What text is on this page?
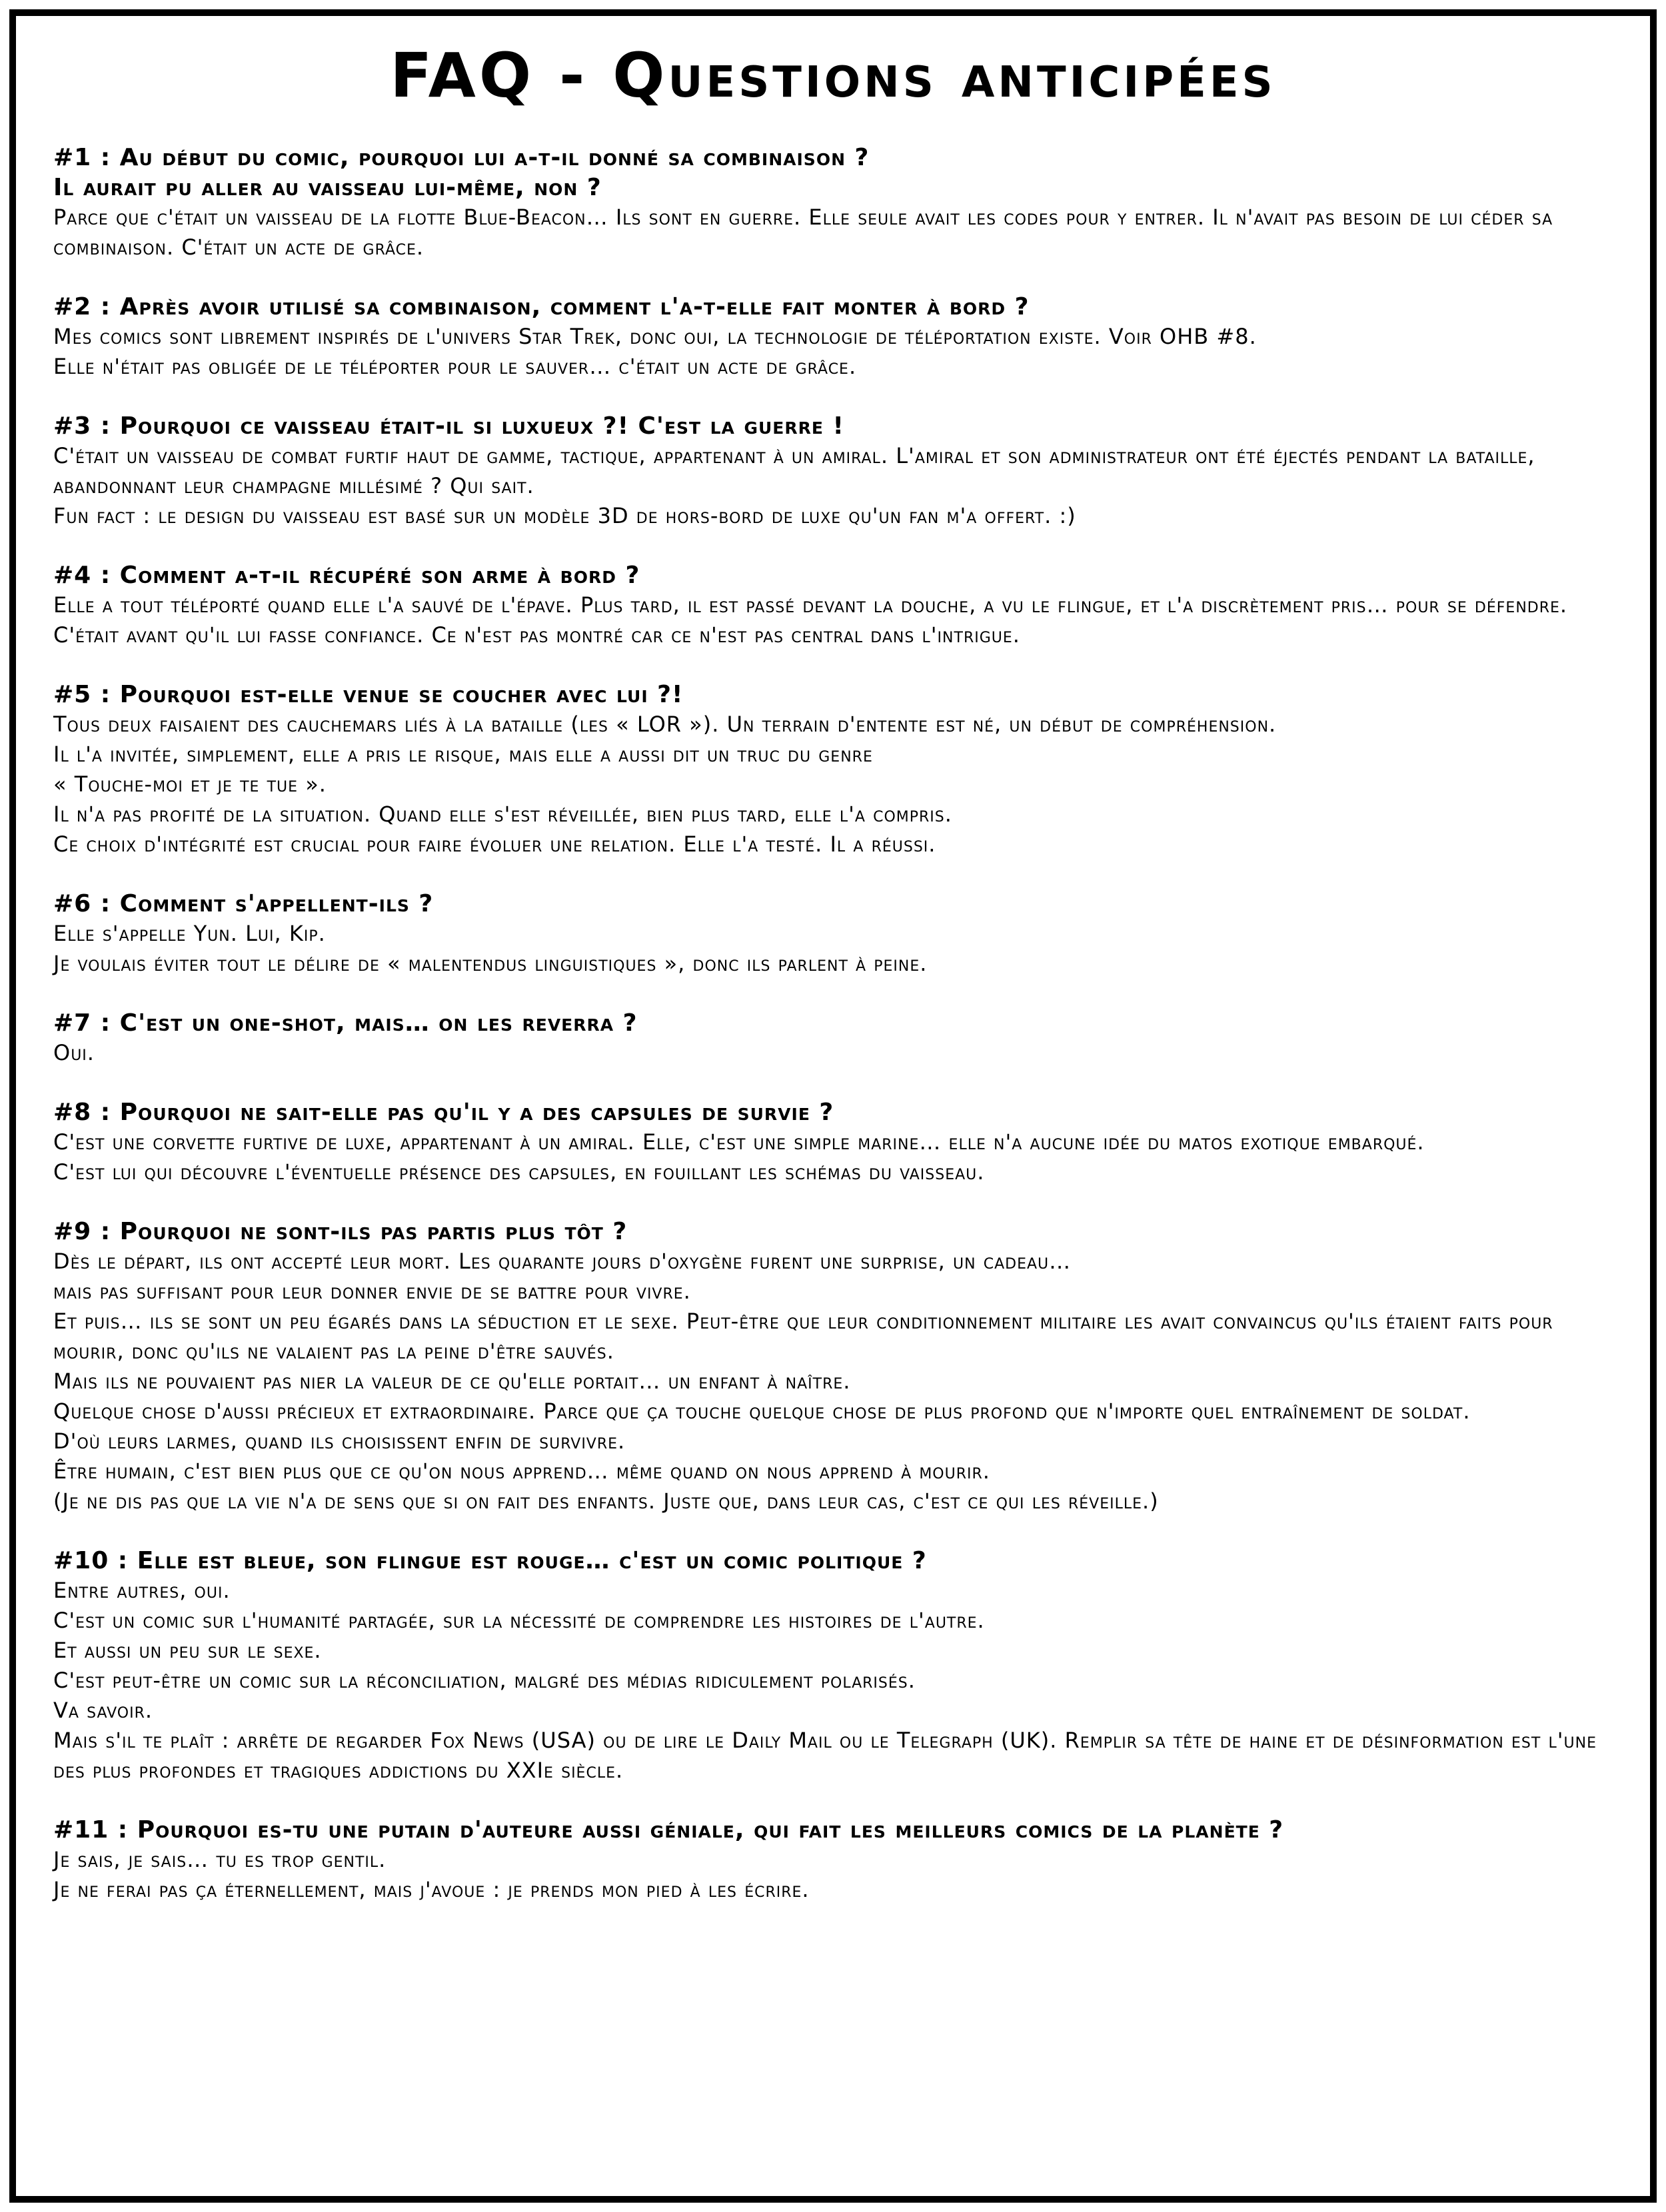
FAQ - Questions anticipées

#1 : Au début du comic, pourquoi lui a-t-il donné sa combinaison ?

Il aurait pu aller au vaisseau lui-même, non ?

Parce que c'était un vaisseau de la flotte Blue-Beacon… Ils sont en guerre. Elle seule avait les codes pour y entrer. Il n'avait pas besoin de lui céder sa combinaison. C'était un acte de grâce.

#2 : Après avoir utilisé sa combinaison, comment l'a-t-elle fait monter à bord ?

Mes comics sont librement inspirés de l'univers Star Trek, donc oui, la technologie de téléportation existe. Voir OHB #8.

Elle n'était pas obligée de le téléporter pour le sauver… c'était un acte de grâce.

#3 : Pourquoi ce vaisseau était-il si luxueux ?! C'est la guerre !

C'était un vaisseau de combat furtif haut de gamme, tactique, appartenant à un amiral. L'amiral et son administrateur ont été éjectés pendant la bataille, abandonnant leur champagne millésimé ? Qui sait.

Fun fact : le design du vaisseau est basé sur un modèle 3D de hors-bord de luxe qu'un fan m'a offert. :)

#4 : Comment a-t-il récupéré son arme à bord ?

Elle a tout téléporté quand elle l'a sauvé de l'épave. Plus tard, il est passé devant la douche, a vu le flingue, et l'a discrètement pris… pour se défendre. C'était avant qu'il lui fasse confiance. Ce n'est pas montré car ce n'est pas central dans l'intrigue.

#5 : Pourquoi est-elle venue se coucher avec lui ?!

Tous deux faisaient des cauchemars liés à la bataille (les « LOR »). Un terrain d'entente est né, un début de compréhension.

Il l'a invitée, simplement, elle a pris le risque, mais elle a aussi dit un truc du genre

« Touche-moi et je te tue ».

Il n'a pas profité de la situation. Quand elle s'est réveillée, bien plus tard, elle l'a compris.

Ce choix d'intégrité est crucial pour faire évoluer une relation. Elle l'a testé. Il a réussi.

#6 : Comment s'appellent-ils ?

Elle s'appelle Yun. Lui, Kip.

Je voulais éviter tout le délire de « malentendus linguistiques », donc ils parlent à peine.

#7 : C'est un one-shot, mais… on les reverra ?

Oui.

#8 : Pourquoi ne sait-elle pas qu'il y a des capsules de survie ?

C'est une corvette furtive de luxe, appartenant à un amiral. Elle, c'est une simple marine… elle n'a aucune idée du matos exotique embarqué.

C'est lui qui découvre l'éventuelle présence des capsules, en fouillant les schémas du vaisseau.

#9 : Pourquoi ne sont-ils pas partis plus tôt ?

Dès le départ, ils ont accepté leur mort. Les quarante jours d'oxygène furent une surprise, un cadeau…

mais pas suffisant pour leur donner envie de se battre pour vivre.

Et puis… ils se sont un peu égarés dans la séduction et le sexe. Peut-être que leur conditionnement militaire les avait convaincus qu'ils étaient faits pour mourir, donc qu'ils ne valaient pas la peine d'être sauvés.

Mais ils ne pouvaient pas nier la valeur de ce qu'elle portait… un enfant à naître.

Quelque chose d'aussi précieux et extraordinaire. Parce que ça touche quelque chose de plus profond que n'importe quel entraînement de soldat.

D'où leurs larmes, quand ils choisissent enfin de survivre.

Être humain, c'est bien plus que ce qu'on nous apprend… même quand on nous apprend à mourir.

(Je ne dis pas que la vie n'a de sens que si on fait des enfants. Juste que, dans leur cas, c'est ce qui les réveille.)

#10 : Elle est bleue, son flingue est rouge… c'est un comic politique ?

Entre autres, oui.

C'est un comic sur l'humanité partagée, sur la nécessité de comprendre les histoires de l'autre.

Et aussi un peu sur le sexe.

C'est peut-être un comic sur la réconciliation, malgré des médias ridiculement polarisés.

Va savoir.

Mais s'il te plaît : arrête de regarder Fox News (USA) ou de lire le Daily Mail ou le Telegraph (UK). Remplir sa tête de haine et de désinformation est l'une des plus profondes et tragiques addictions du XXIe siècle.

#11 : Pourquoi es-tu une putain d'auteure aussi géniale, qui fait les meilleurs comics de la planète ?

Je sais, je sais… tu es trop gentil.

Je ne ferai pas ça éternellement, mais j'avoue : je prends mon pied à les écrire.
